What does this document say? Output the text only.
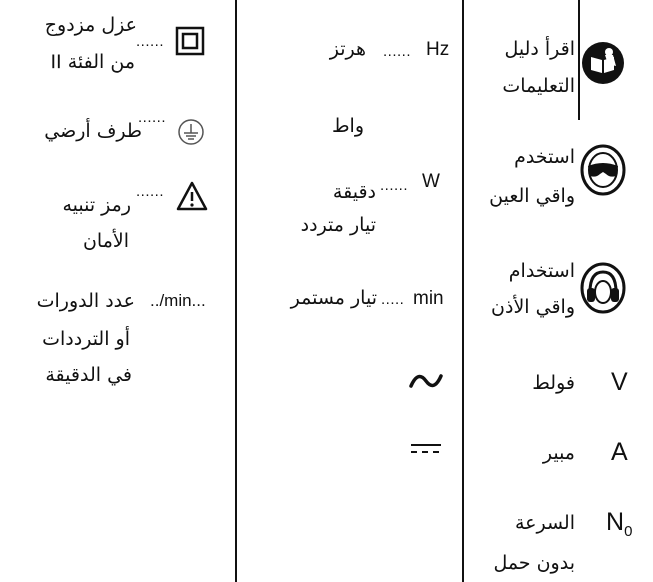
اقرأ دليل
التعليمات
استخدم
واقي العين
استخدام
واقي الأذن
V
فولط
A
مبير
$N_0$
السرعة
بدون حمل
...... Hz
هرتز
واط
...... W
دقيقة
تيار متردد
..... min
تيار مستمر
عزل مزدوج
من الفئة ΙΙ
......
......
طرف أرضي
......
رمز تنبيه
الأمان
../min...
عدد الدورات
أو الترددات
في الدقيقة
